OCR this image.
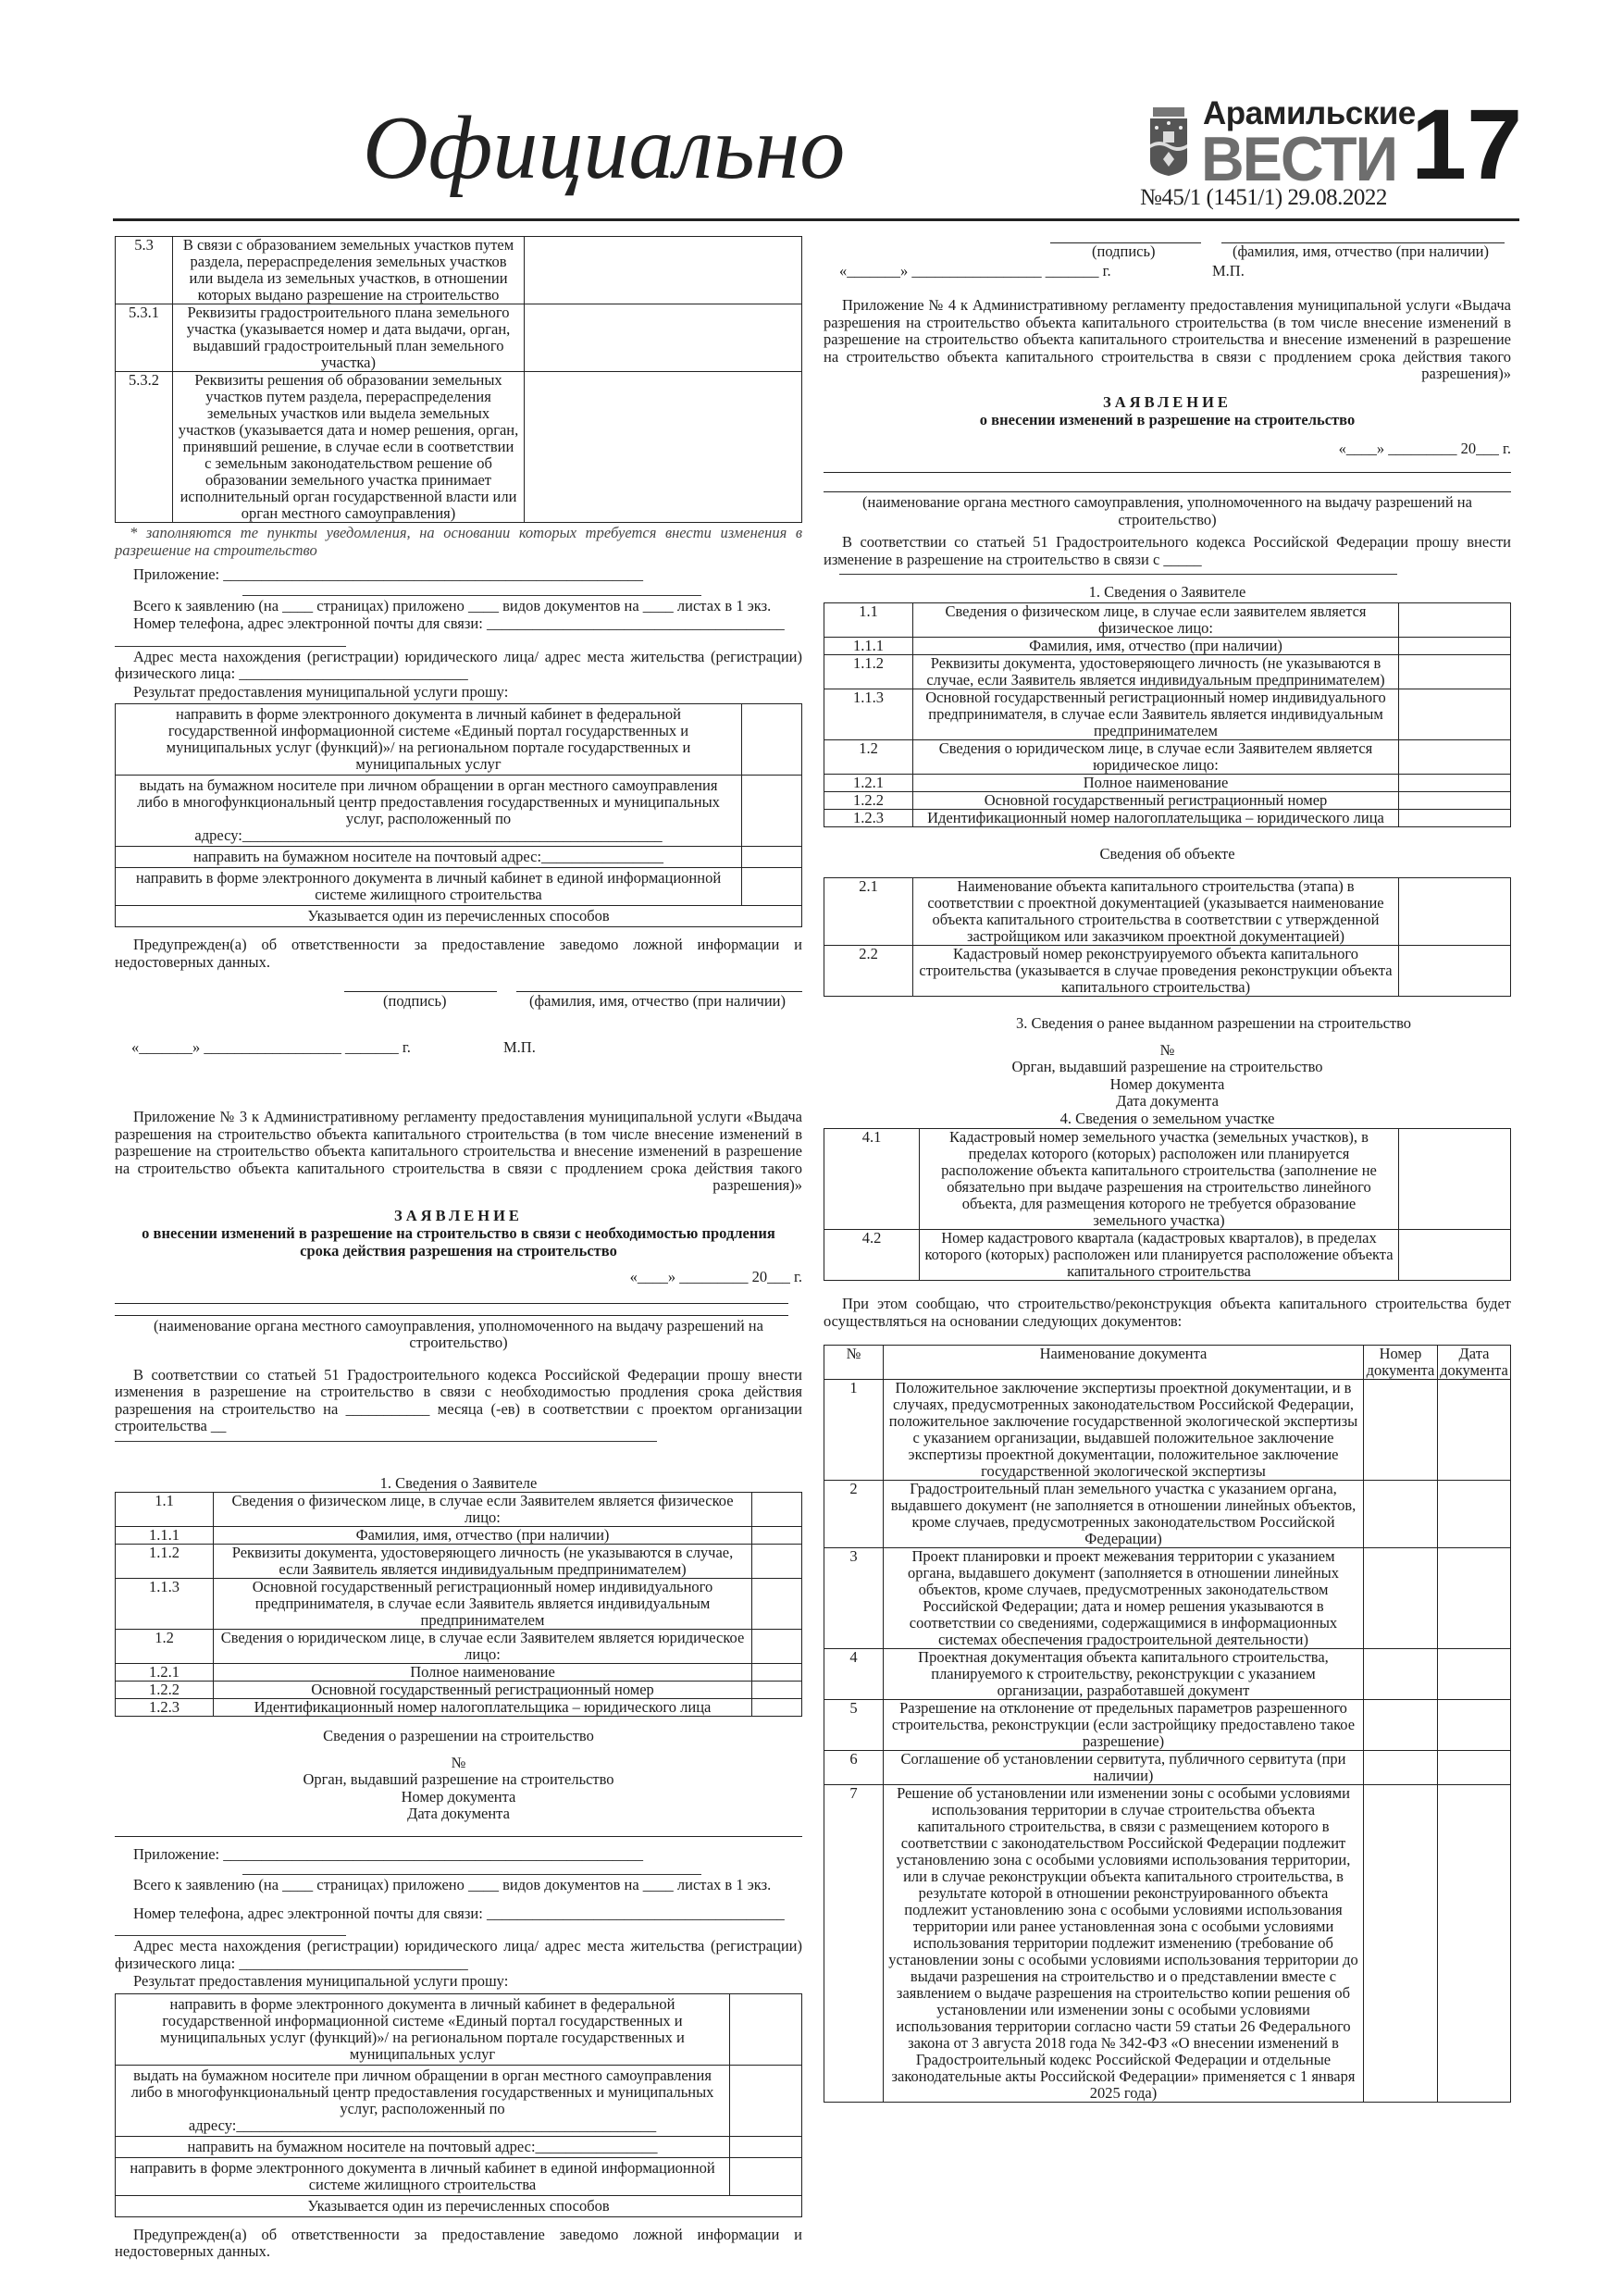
Официально	Арамильские
ВЕСТИ
№45/1 (1451/1) 29.08.2022 17
5.3	В связи с образованием земельных участков путем раздела, перераспределения земельных участков или выдела из земельных участков, в отношении которых выдано разрешение на строительство	
5.3.1	Реквизиты градостроительного плана земельного участка (указывается номер и дата выдачи, орган, выдавший градостроительный план земельного участка)	
5.3.2	Реквизиты решения об образовании земельных участков путем раздела, перераспределения земельных участков или выдела земельных участков (указывается дата и номер решения, орган, принявший решение, в случае если в соответствии с земельным законодательством решение об образовании земельного участка принимает исполнительный орган государственной власти или орган местного самоуправления)	
* заполняются те пункты уведомления, на основании которых требуется внести изменения в разрешение на строительство
Приложение: _______________________________________________________
Всего к заявлению (на ____ страницах) приложено ____ видов документов на ____ листах в 1 экз.
Номер телефона, адрес электронной почты для связи: _______________________________________
Адрес места нахождения (регистрации) юридического лица/ адрес места жительства (регистрации) физического лица: ______________________________
Результат предоставления муниципальной услуги прошу:
направить в форме электронного документа в личный кабинет в федеральной государственной информационной системе «Единый портал государственных и муниципальных услуг (функций)»/ на региональном портале государственных и муниципальных услуг	
выдать на бумажном носителе при личном обращении в орган местного самоуправления либо в многофункциональный центр предоставления государственных и муниципальных услуг, расположенный по адресу:_______________________________________________________	
направить на бумажном носителе на почтовый адрес:________________	
направить в форме электронного документа в личный кабинет в единой информационной системе жилищного строительства	
Указывается один из перечисленных способов	
Предупрежден(а) об ответственности за предоставление заведомо ложной информации и недостоверных данных.
(подпись)	(фамилия, имя, отчество (при наличии)
«_______» __________________ _______ г.	М.П.
Приложение № 3 к Административному регламенту предоставления муниципальной услуги «Выдача разрешения на строительство объекта капитального строительства (в том числе внесение изменений в разрешение на строительство объекта капитального строительства и внесение изменений в разрешение на строительство объекта капитального строительства в связи с продлением срока действия такого разрешения)»
ЗАЯВЛЕНИЕ
о внесении изменений в разрешение на строительство в связи с необходимостью продления срока действия разрешения на строительство
«____» _________ 20___ г.
(наименование органа местного самоуправления, уполномоченного на выдачу разрешений на строительство)
В соответствии со статьей 51 Градостроительного кодекса Российской Федерации прошу внести изменения в разрешение на строительство в связи с необходимостью продления срока действия разрешения на строительство на ___________ месяца (-ев) в соответствии с проектом организации строительства __
1. Сведения о Заявителе
1.1	Сведения о физическом лице, в случае если Заявителем является физическое лицо:	
1.1.1	Фамилия, имя, отчество (при наличии)	
1.1.2	Реквизиты документа, удостоверяющего личность (не указываются в случае, если Заявитель является индивидуальным предпринимателем)	
1.1.3	Основной государственный регистрационный номер индивидуального предпринимателя, в случае если Заявитель является индивидуальным предпринимателем	
1.2	Сведения о юридическом лице, в случае если Заявителем является юридическое лицо:	
1.2.1	Полное наименование	
1.2.2	Основной государственный регистрационный номер	
1.2.3	Идентификационный номер налогоплательщика – юридического лица	
Сведения о разрешении на строительство
№
Орган, выдавший разрешение на строительство
Номер документа
Дата документа
Приложение: _______________________________________________________
Всего к заявлению (на ____ страницах) приложено ____ видов документов на ____ листах в 1 экз.
Номер телефона, адрес электронной почты для связи: _______________________________________
Адрес места нахождения (регистрации) юридического лица/ адрес места жительства (регистрации) физического лица: ______________________________
Результат предоставления муниципальной услуги прошу:
направить в форме электронного документа в личный кабинет в федеральной государственной информационной системе «Единый портал государственных и муниципальных услуг (функций)»/ на региональном портале государственных и муниципальных услуг	
выдать на бумажном носителе при личном обращении в орган местного самоуправления либо в многофункциональный центр предоставления государственных и муниципальных услуг, расположенный по адресу:_______________________________________________________	
направить на бумажном носителе на почтовый адрес:________________	
направить в форме электронного документа в личный кабинет в единой информационной системе жилищного строительства	
Указывается один из перечисленных способов	
Предупрежден(а) об ответственности за предоставление заведомо ложной информации и недостоверных данных.
(подпись)	(фамилия, имя, отчество (при наличии)
«_______» _________________ _______ г.	М.П.
Приложение № 4 к Административному регламенту предоставления муниципальной услуги «Выдача разрешения на строительство объекта капитального строительства (в том числе внесение изменений в разрешение на строительство объекта капитального строительства и внесение изменений в разрешение на строительство объекта капитального строительства в связи с продлением срока действия такого разрешения)»
ЗАЯВЛЕНИЕ
о внесении изменений в разрешение на строительство
«____» _________ 20___ г.
(наименование органа местного самоуправления, уполномоченного на выдачу разрешений на строительство)
В соответствии со статьей 51 Градостроительного кодекса Российской Федерации прошу внести изменение в разрешение на строительство в связи с _____
1. Сведения о Заявителе
1.1	Сведения о физическом лице, в случае если заявителем является физическое лицо:	
1.1.1	Фамилия, имя, отчество (при наличии)	
1.1.2	Реквизиты документа, удостоверяющего личность (не указываются в случае, если Заявитель является индивидуальным предпринимателем)	
1.1.3	Основной государственный регистрационный номер индивидуального предпринимателя, в случае если Заявитель является индивидуальным предпринимателем	
1.2	Сведения о юридическом лице, в случае если Заявителем является юридическое лицо:	
1.2.1	Полное наименование	
1.2.2	Основной государственный регистрационный номер	
1.2.3	Идентификационный номер налогоплательщика – юридического лица	
Сведения об объекте
2.1	Наименование объекта капитального строительства (этапа) в соответствии с проектной документацией (указывается наименование объекта капитального строительства в соответствии с утвержденной застройщиком или заказчиком проектной документацией)	
2.2	Кадастровый номер реконструируемого объекта капитального строительства (указывается в случае проведения реконструкции объекта капитального строительства)	
3. Сведения о ранее выданном разрешении на строительство
№
Орган, выдавший разрешение на строительство
Номер документа
Дата документа
4. Сведения о земельном участке
4.1	Кадастровый номер земельного участка (земельных участков), в пределах которого (которых) расположен или планируется расположение объекта капитального строительства (заполнение не обязательно при выдаче разрешения на строительство линейного объекта, для размещения которого не требуется образование земельного участка)	
4.2	Номер кадастрового квартала (кадастровых кварталов), в пределах которого (которых) расположен или планируется расположение объекта капитального строительства	
При этом сообщаю, что строительство/реконструкция объекта капитального строительства будет осуществляться на основании следующих документов:
№	Наименование документа	Номер документа	Дата документа
1	Положительное заключение экспертизы проектной документации, и в случаях, предусмотренных законодательством Российской Федерации, положительное заключение государственной экологической экспертизы с указанием организации, выдавшей положительное заключение экспертизы проектной документации, положительное заключение государственной экологической экспертизы		
2	Градостроительный план земельного участка с указанием органа, выдавшего документ (не заполняется в отношении линейных объектов, кроме случаев, предусмотренных законодательством Российской Федерации)		
3	Проект планировки и проект межевания территории с указанием органа, выдавшего документ (заполняется в отношении линейных объектов, кроме случаев, предусмотренных законодательством Российской Федерации; дата и номер решения указываются в соответствии со сведениями, содержащимися в информационных системах обеспечения градостроительной деятельности)		
4	Проектная документация объекта капитального строительства, планируемого к строительству, реконструкции с указанием организации, разработавшей документ		
5	Разрешение на отклонение от предельных параметров разрешенного строительства, реконструкции (если застройщику предоставлено такое разрешение)		
6	Соглашение об установлении сервитута, публичного сервитута (при наличии)		
7	Решение об установлении или изменении зоны с особыми условиями использования территории в случае строительства объекта капитального строительства, в связи с размещением которого в соответствии с законодательством Российской Федерации подлежит установлению зона с особыми условиями использования территории, или в случае реконструкции объекта капитального строительства, в результате которой в отношении реконструированного объекта подлежит установлению зона с особыми условиями использования территории или ранее установленная зона с особыми условиями использования территории подлежит изменению (требование об установлении зоны с особыми условиями использования территории до выдачи разрешения на строительство и о представлении вместе с заявлением о выдаче разрешения на строительство копии решения об установлении или изменении зоны с особыми условиями использования территории согласно части 59 статьи 26 Федерального закона от 3 августа 2018 года № 342-ФЗ «О внесении изменений в Градостроительный кодекс Российской Федерации и отдельные законодательные акты Российской Федерации» применяется с 1 января 2025 года)		
